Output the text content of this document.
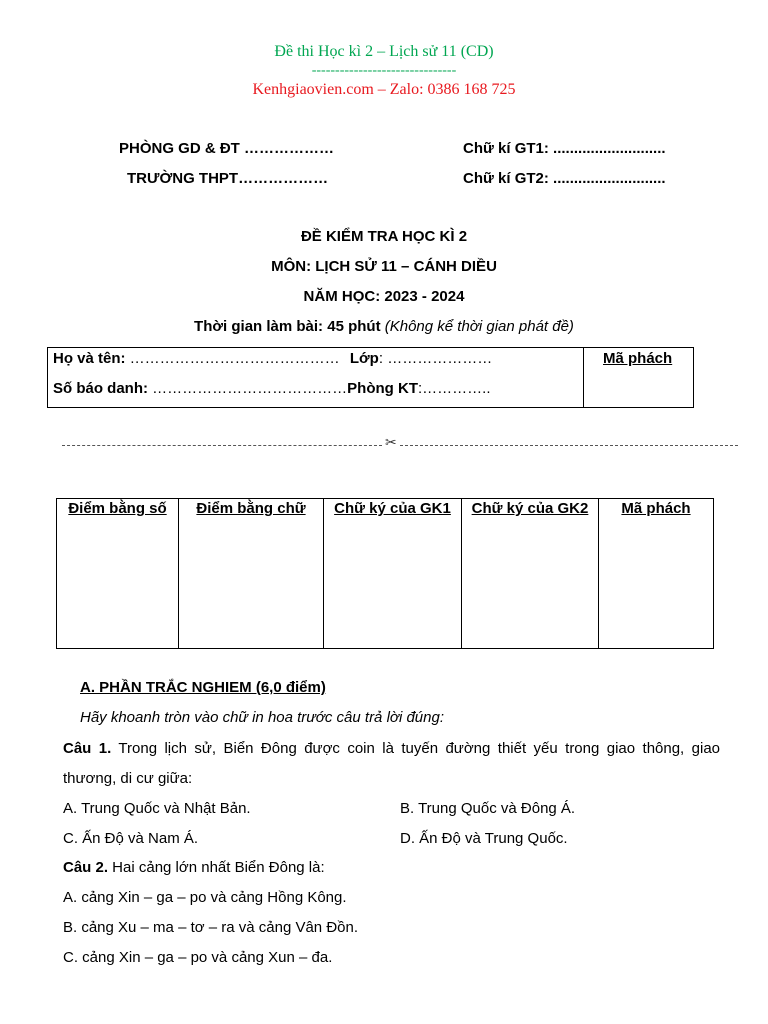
Đề thi Học kì 2 – Lịch sử 11 (CD)
-------------------------------
Kenhgiaovien.com – Zalo: 0386 168 725
PHÒNG GD & ĐT ………………
TRƯỜNG THPT………………
Chữ kí GT1: ...........................
Chữ kí GT2: ...........................
ĐỀ KIỂM TRA HỌC KÌ 2
MÔN: LỊCH SỬ 11 – CÁNH DIỀU
NĂM HỌC: 2023 - 2024
Thời gian làm bài: 45 phút (Không kể thời gian phát đề)
Họ và tên: …………………………………… Lớp: …………………
Số báo danh: …………………………………Phòng KT:…………..
Mã phách
✂
Điểm bằng số	Điểm bằng chữ	Chữ ký của GK1	Chữ ký của GK2	Mã phách
A. PHẦN TRẮC NGHIEM (6,0 điểm)
Hãy khoanh tròn vào chữ in hoa trước câu trả lời đúng:
Câu 1. Trong lịch sử, Biển Đông được coin là tuyến đường thiết yếu trong giao thông, giao thương, di cư giữa:
A. Trung Quốc và Nhật Bản.	B. Trung Quốc và Đông Á.
C. Ấn Độ và Nam Á.	D. Ấn Độ và Trung Quốc.
Câu 2. Hai cảng lớn nhất Biển Đông là:
A. cảng Xin – ga – po và cảng Hồng Kông.
B. cảng Xu – ma – tơ – ra và cảng Vân Đồn.
C. cảng Xin – ga – po và cảng Xun – đa.
